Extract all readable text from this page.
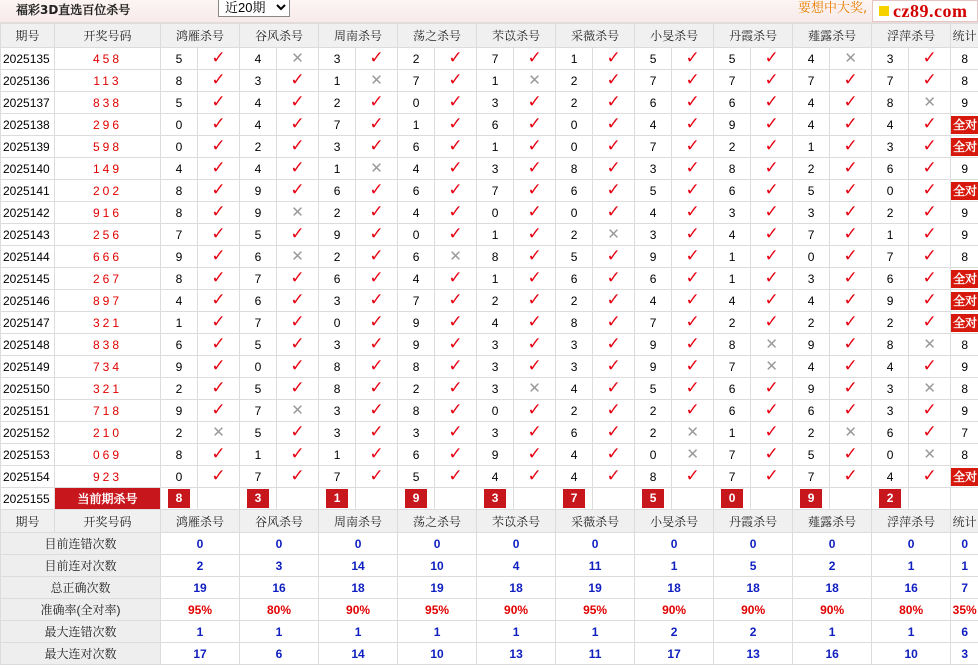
福彩3D直选百位杀号
近20期	要想中大奖, cz89.com
期号	开奖号码	鸿雁杀号		谷风杀号		周南杀号		荡之杀号		芣苡杀号		采薇杀号		小旻杀号		丹霞杀号		薤露杀号		浮萍杀号		统计
2025135	458	5	✓	4	✕	3	✓	2	✓	7	✓	1	✓	5	✓	5	✓	4	✕	3	✓	8
2025136	113	8	✓	3	✓	1	✕	7	✓	1	✕	2	✓	7	✓	7	✓	7	✓	7	✓	8
2025137	838	5	✓	4	✓	2	✓	0	✓	3	✓	2	✓	6	✓	6	✓	4	✓	8	✕	9
2025138	296	0	✓	4	✓	7	✓	1	✓	6	✓	0	✓	4	✓	9	✓	4	✓	4	✓	全对
2025139	598	0	✓	2	✓	3	✓	6	✓	1	✓	0	✓	7	✓	2	✓	1	✓	3	✓	全对
2025140	149	4	✓	4	✓	1	✕	4	✓	3	✓	8	✓	3	✓	8	✓	2	✓	6	✓	9
2025141	202	8	✓	9	✓	6	✓	6	✓	7	✓	6	✓	5	✓	6	✓	5	✓	0	✓	全对
2025142	916	8	✓	9	✕	2	✓	4	✓	0	✓	0	✓	4	✓	3	✓	3	✓	2	✓	9
2025143	256	7	✓	5	✓	9	✓	0	✓	1	✓	2	✕	3	✓	4	✓	7	✓	1	✓	9
2025144	666	9	✓	6	✕	2	✓	6	✕	8	✓	5	✓	9	✓	1	✓	0	✓	7	✓	8
2025145	267	8	✓	7	✓	6	✓	4	✓	1	✓	6	✓	6	✓	1	✓	3	✓	6	✓	全对
2025146	897	4	✓	6	✓	3	✓	7	✓	2	✓	2	✓	4	✓	4	✓	4	✓	9	✓	全对
2025147	321	1	✓	7	✓	0	✓	9	✓	4	✓	8	✓	7	✓	2	✓	2	✓	2	✓	全对
2025148	838	6	✓	5	✓	3	✓	9	✓	3	✓	3	✓	9	✓	8	✕	9	✓	8	✕	8
2025149	734	9	✓	0	✓	8	✓	8	✓	3	✓	3	✓	9	✓	7	✕	4	✓	4	✓	9
2025150	321	2	✓	5	✓	8	✓	2	✓	3	✕	4	✓	5	✓	6	✓	9	✓	3	✕	8
2025151	718	9	✓	7	✕	3	✓	8	✓	0	✓	2	✓	2	✓	6	✓	6	✓	3	✓	9
2025152	210	2	✕	5	✓	3	✓	3	✓	3	✓	6	✓	2	✕	1	✓	2	✕	6	✓	7
2025153	069	8	✓	1	✓	1	✓	6	✓	9	✓	4	✓	0	✕	7	✓	5	✓	0	✕	8
2025154	923	0	✓	7	✓	7	✓	5	✓	4	✓	4	✓	8	✓	7	✓	7	✓	4	✓	全对
2025155	当前期杀号	8		3		1		9		3		7		5		0		9		2		
期号	开奖号码	鸿雁杀号		谷风杀号		周南杀号		荡之杀号		芣苡杀号		采薇杀号		小旻杀号		丹霞杀号		薤露杀号		浮萍杀号		统计
目前连错次数		0		0		0		0		0		0		0		0		0		0		0
目前连对次数		2		3		14		10		4		11		1		5		2		1		1
总正确次数		19		16		18		19		18		19		18		18		18		16		7
准确率(全对率)		95%		80%		90%		95%		90%		95%		90%		90%		90%		80%		35%
最大连错次数		1		1		1		1		1		1		2		2		1		1		6
最大连对次数		17		6		14		10		13		11		17		13		16		10		3
